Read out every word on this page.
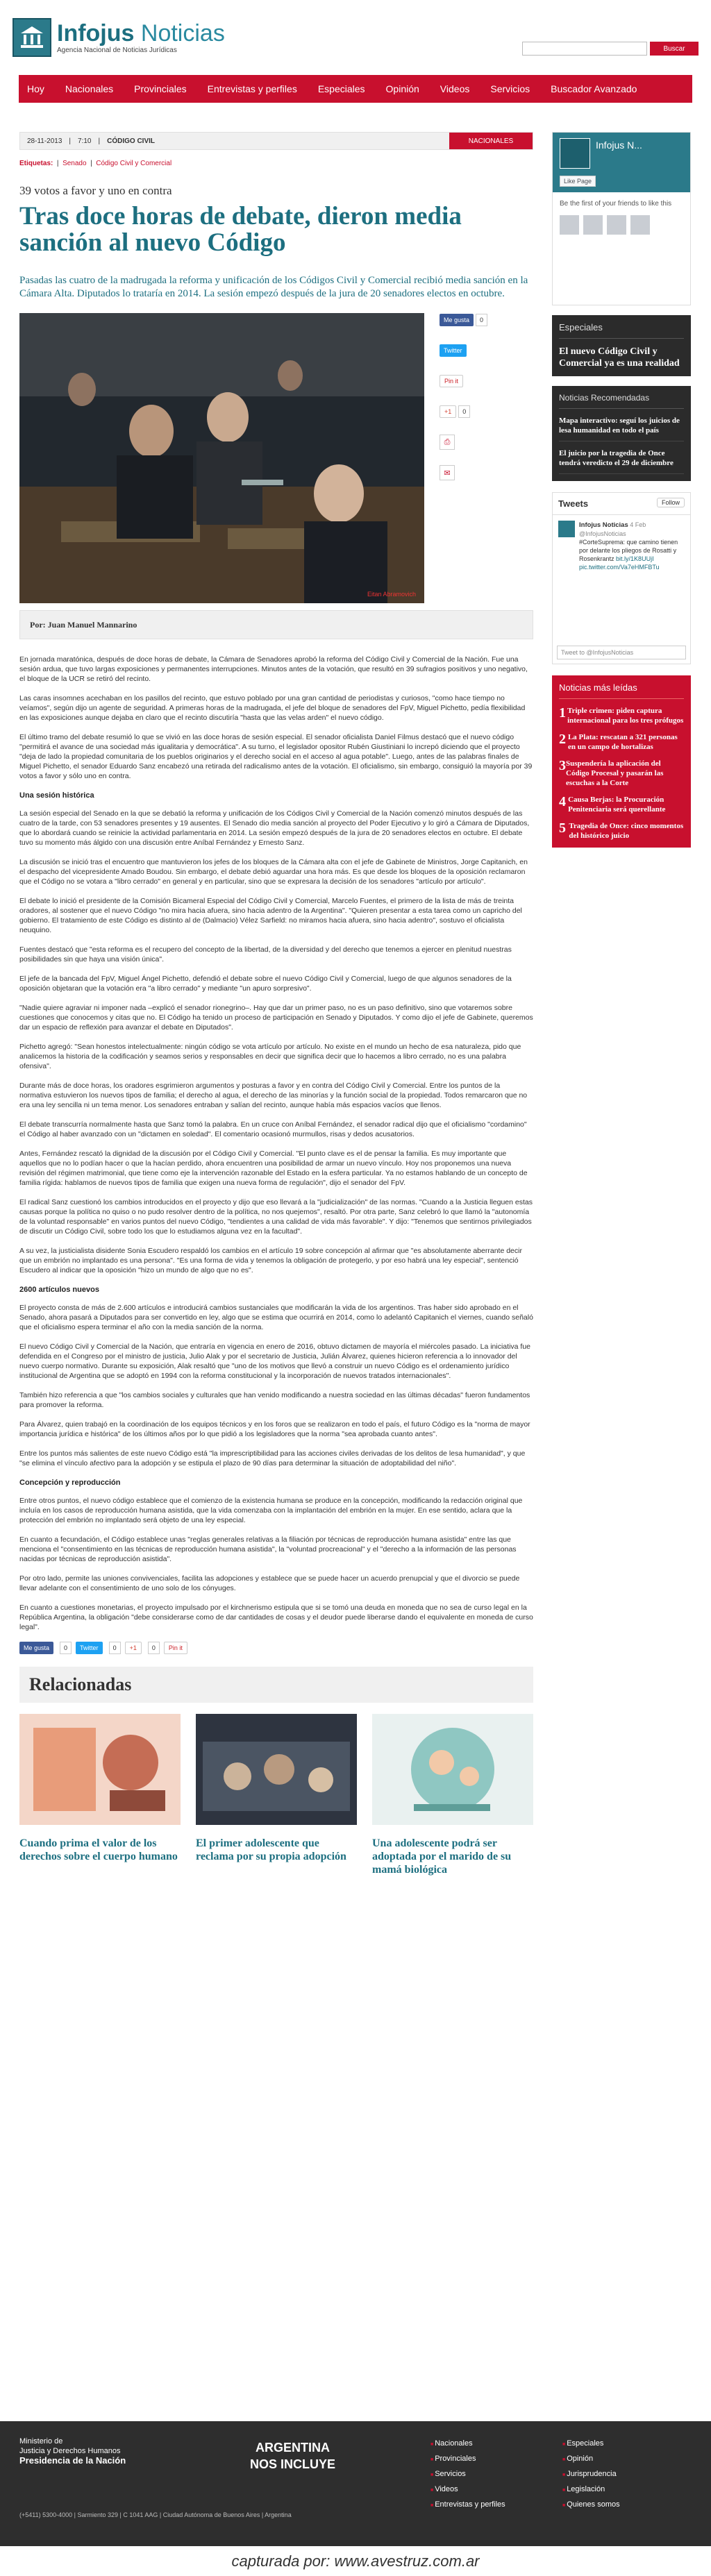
Infojus Noticias
Agencia Nacional de Noticias Jurídicas	Buscar
Hoy Nacionales Provinciales Entrevistas y perfiles Especiales Opinión Videos Servicios Buscador Avanzado
28-11-2013 | 7:10 |	CÓDIGO CIVIL	NACIONALES
Etiquetas:  |  Senado  |  Código Civil y Comercial
39 votos a favor y uno en contra
Tras doce horas de debate, dieron media sanción al nuevo Código
Pasadas las cuatro de la madrugada la reforma y unificación de los Códigos Civil y Comercial recibió media sanción en la Cámara Alta. Diputados lo trataría en 2014. La sesión empezó después de la jura de 20 senadores electos en octubre.
Eitan Abramovich
Me gusta	0
Twitter
Pin it
+1	0
⎙
✉
Por: Juan Manuel Mannarino

En jornada maratónica, después de doce horas de debate, la Cámara de Senadores aprobó la reforma del Código Civil y Comercial de la Nación. Fue una sesión ardua, que tuvo largas exposiciones y permanentes interrupciones. Minutos antes de la votación, que resultó en 39 sufragios positivos y uno negativo, el bloque de la UCR se retiró del recinto.

Las caras insomnes acechaban en los pasillos del recinto, que estuvo poblado por una gran cantidad de periodistas y curiosos, "como hace tiempo no veíamos", según dijo un agente de seguridad. A primeras horas de la madrugada, el jefe del bloque de senadores del FpV, Miguel Pichetto, pedía flexibilidad en las exposiciones aunque dejaba en claro que el recinto discutiría "hasta que las velas arden" el nuevo código.

El último tramo del debate resumió lo que se vivió en las doce horas de sesión especial. El senador oficialista Daniel Filmus destacó que el nuevo código "permitirá el avance de una sociedad más igualitaria y democrática". A su turno, el legislador opositor Rubén Giustiniani lo increpó diciendo que el proyecto "deja de lado la propiedad comunitaria de los pueblos originarios y el derecho social en el acceso al agua potable". Luego, antes de las palabras finales de Miguel Pichetto, el senador Eduardo Sanz encabezó una retirada del radicalismo antes de la votación. El oficialismo, sin embargo, consiguió la mayoría por 39 votos a favor y sólo uno en contra.

Una sesión histórica

La sesión especial del Senado en la que se debatió la reforma y unificación de los Códigos Civil y Comercial de la Nación comenzó minutos después de las cuatro de la tarde, con 53 senadores presentes y 19 ausentes. El Senado dio media sanción al proyecto del Poder Ejecutivo y lo giró a Cámara de Diputados, que lo abordará cuando se reinicie la actividad parlamentaria en 2014. La sesión empezó después de la jura de 20 senadores electos en octubre. El debate tuvo su momento más álgido con una discusión entre Aníbal Fernández y Ernesto Sanz.

La discusión se inició tras el encuentro que mantuvieron los jefes de los bloques de la Cámara alta con el jefe de Gabinete de Ministros, Jorge Capitanich, en el despacho del vicepresidente Amado Boudou. Sin embargo, el debate debió aguardar una hora más. Es que desde los bloques de la oposición reclamaron que el Código no se votara a "libro cerrado" en general y en particular, sino que se expresara la decisión de los senadores "artículo por artículo".

El debate lo inició el presidente de la Comisión Bicameral Especial del Código Civil y Comercial, Marcelo Fuentes, el primero de la lista de más de treinta oradores, al sostener que el nuevo Código "no mira hacia afuera, sino hacia adentro de la Argentina". "Quieren presentar a esta tarea como un capricho del gobierno. El tratamiento de este Código es distinto al de (Dalmacio) Vélez Sarfield: no miramos hacia afuera, sino hacia adentro", sostuvo el oficialista neuquino.

Fuentes destacó que "esta reforma es el recupero del concepto de la libertad, de la diversidad y del derecho que tenemos a ejercer en plenitud nuestras posibilidades sin que haya una visión única".

El jefe de la bancada del FpV, Miguel Ángel Pichetto, defendió el debate sobre el nuevo Código Civil y Comercial, luego de que algunos senadores de la oposición objetaran que la votación era "a libro cerrado" y mediante "un apuro sorpresivo".

"Nadie quiere agraviar ni imponer nada –explicó el senador rionegrino–. Hay que dar un primer paso, no es un paso definitivo, sino que votaremos sobre cuestiones que conocemos y citas que no. El Código ha tenido un proceso de participación en Senado y Diputados. Y como dijo el jefe de Gabinete, queremos dar un espacio de reflexión para avanzar el debate en Diputados".

Pichetto agregó: "Sean honestos intelectualmente: ningún código se vota artículo por artículo. No existe en el mundo un hecho de esa naturaleza, pido que analicemos la historia de la codificación y seamos serios y responsables en decir que significa decir que lo hacemos a libro cerrado, no es una palabra ofensiva".

Durante más de doce horas, los oradores esgrimieron argumentos y posturas a favor y en contra del Código Civil y Comercial. Entre los puntos de la normativa estuvieron los nuevos tipos de familia; el derecho al agua, el derecho de las minorías y la función social de la propiedad. Todos remarcaron que no era una ley sencilla ni un tema menor. Los senadores entraban y salían del recinto, aunque había más espacios vacíos que llenos.

El debate transcurría normalmente hasta que Sanz tomó la palabra. En un cruce con Aníbal Fernández, el senador radical dijo que el oficialismo "cordamino" el Código al haber avanzado con un "dictamen en soledad". El comentario ocasionó murmullos, risas y dedos acusatorios.

Antes, Fernández rescató la dignidad de la discusión por el Código Civil y Comercial. "El punto clave es el de pensar la familia. Es muy importante que aquellos que no lo podían hacer o que la hacían perdido, ahora encuentren una posibilidad de armar un nuevo vínculo. Hoy nos proponemos una nueva revisión del régimen matrimonial, que tiene como eje la intervención razonable del Estado en la esfera particular. Ya no estamos hablando de un concepto de familia rígida: hablamos de nuevos tipos de familia que exigen una nueva forma de regulación", dijo el senador del FpV.

El radical Sanz cuestionó los cambios introducidos en el proyecto y dijo que eso llevará a la "judicialización" de las normas. "Cuando a la Justicia lleguen estas causas porque la política no quiso o no pudo resolver dentro de la política, no nos quejemos", resaltó. Por otra parte, Sanz celebró lo que llamó la "autonomía de la voluntad responsable" en varios puntos del nuevo Código, "tendientes a una calidad de vida más favorable". Y dijo: "Tenemos que sentirnos privilegiados de discutir un Código Civil, sobre todo los que lo estudiamos alguna vez en la facultad".

A su vez, la justicialista disidente Sonia Escudero respaldó los cambios en el artículo 19 sobre concepción al afirmar que "es absolutamente aberrante decir que un embrión no implantado es una persona". "Es una forma de vida y tenemos la obligación de protegerlo, y por eso habrá una ley especial", sentenció Escudero al indicar que la oposición "hizo un mundo de algo que no es".

2600 artículos nuevos

El proyecto consta de más de 2.600 artículos e introducirá cambios sustanciales que modificarán la vida de los argentinos. Tras haber sido aprobado en el Senado, ahora pasará a Diputados para ser convertido en ley, algo que se estima que ocurrirá en 2014, como lo adelantó Capitanich el viernes, cuando señaló que el oficialismo espera terminar el año con la media sanción de la norma.

El nuevo Código Civil y Comercial de la Nación, que entraría en vigencia en enero de 2016, obtuvo dictamen de mayoría el miércoles pasado. La iniciativa fue defendida en el Congreso por el ministro de justicia, Julio Alak y por el secretario de Justicia, Julián Álvarez, quienes hicieron referencia a lo innovador del nuevo cuerpo normativo. Durante su exposición, Alak resaltó que "uno de los motivos que llevó a construir un nuevo Código es el ordenamiento jurídico institucional de Argentina que se adoptó en 1994 con la reforma constitucional y la incorporación de nuevos tratados internacionales".

También hizo referencia a que "los cambios sociales y culturales que han venido modificando a nuestra sociedad en las últimas décadas" fueron fundamentos para promover la reforma.

Para Álvarez, quien trabajó en la coordinación de los equipos técnicos y en los foros que se realizaron en todo el país, el futuro Código es la "norma de mayor importancia jurídica e histórica" de los últimos años por lo que pidió a los legisladores que la norma "sea aprobada cuanto antes".

Entre los puntos más salientes de este nuevo Código está "la imprescriptibilidad para las acciones civiles derivadas de los delitos de lesa humanidad", y que "se elimina el vínculo afectivo para la adopción y se estipula el plazo de 90 días para determinar la situación de adoptabilidad del niño".

Concepción y reproducción

Entre otros puntos, el nuevo código establece que el comienzo de la existencia humana se produce en la concepción, modificando la redacción original que incluía en los casos de reproducción humana asistida, que la vida comenzaba con la implantación del embrión en la mujer. En ese sentido, aclara que la protección del embrión no implantado será objeto de una ley especial.

En cuanto a fecundación, el Código establece unas "reglas generales relativas a la filiación por técnicas de reproducción humana asistida" entre las que menciona el "consentimiento en las técnicas de reproducción humana asistida", la "voluntad procreacional" y el "derecho a la información de las personas nacidas por técnicas de reproducción asistida".

Por otro lado, permite las uniones convivenciales, facilita las adopciones y establece que se puede hacer un acuerdo prenupcial y que el divorcio se puede llevar adelante con el consentimiento de uno solo de los cónyuges.

En cuanto a cuestiones monetarias, el proyecto impulsado por el kirchnerismo estipula que si se tomó una deuda en moneda que no sea de curso legal en la República Argentina, la obligación "debe considerarse como de dar cantidades de cosas y el deudor puede liberarse dando el equivalente en moneda de curso legal".

Me gusta	0	Twitter	0	+1	0	Pin it
Relacionadas
Cuando prima el valor de los derechos sobre el cuerpo humano
El primer adolescente que reclama por su propia adopción
Una adolescente podrá ser adoptada por el marido de su mamá biológica
Infojus N...
Like Page
Be the first of your friends to like this
Especiales
El nuevo Código Civil y Comercial ya es una realidad
Noticias Recomendadas
Mapa interactivo: seguí los juicios de lesa humanidad en todo el país
El juicio por la tragedia de Once tendrá veredicto el 29 de diciembre
Tweets	Follow
Infojus Noticias 4 Feb
@InfojusNoticias
#CorteSuprema: que camino tienen por delante los pliegos de Rosatti y Rosenkrantz bit.ly/1K8UUjI pic.twitter.com/Va7eHMFBTu
Tweet to @InfojusNoticias
Noticias más leídas
1 Triple crimen: piden captura internacional para los tres prófugos
2 La Plata: rescatan a 321 personas en un campo de hortalizas
3 Suspendería la aplicación del Código Procesal y pasarán las escuchas a la Corte
4 Causa Berjas: la Procuración Penitenciaria será querellante
5 Tragedia de Once: cinco momentos del histórico juicio
Ministerio de
Justicia y Derechos Humanos
Presidencia de la Nación
ARGENTINA
NOS INCLUYE
■ Nacionales
■ Provinciales
■ Servicios
■ Videos
■ Entrevistas y perfiles
■ Especiales
■ Opinión
■ Jurisprudencia
■ Legislación
■ Quienes somos
(+5411) 5300-4000 | Sarmiento 329 | C 1041 AAG | Ciudad Autónoma de Buenos Aires | Argentina
capturada por: www.avestruz.com.ar
